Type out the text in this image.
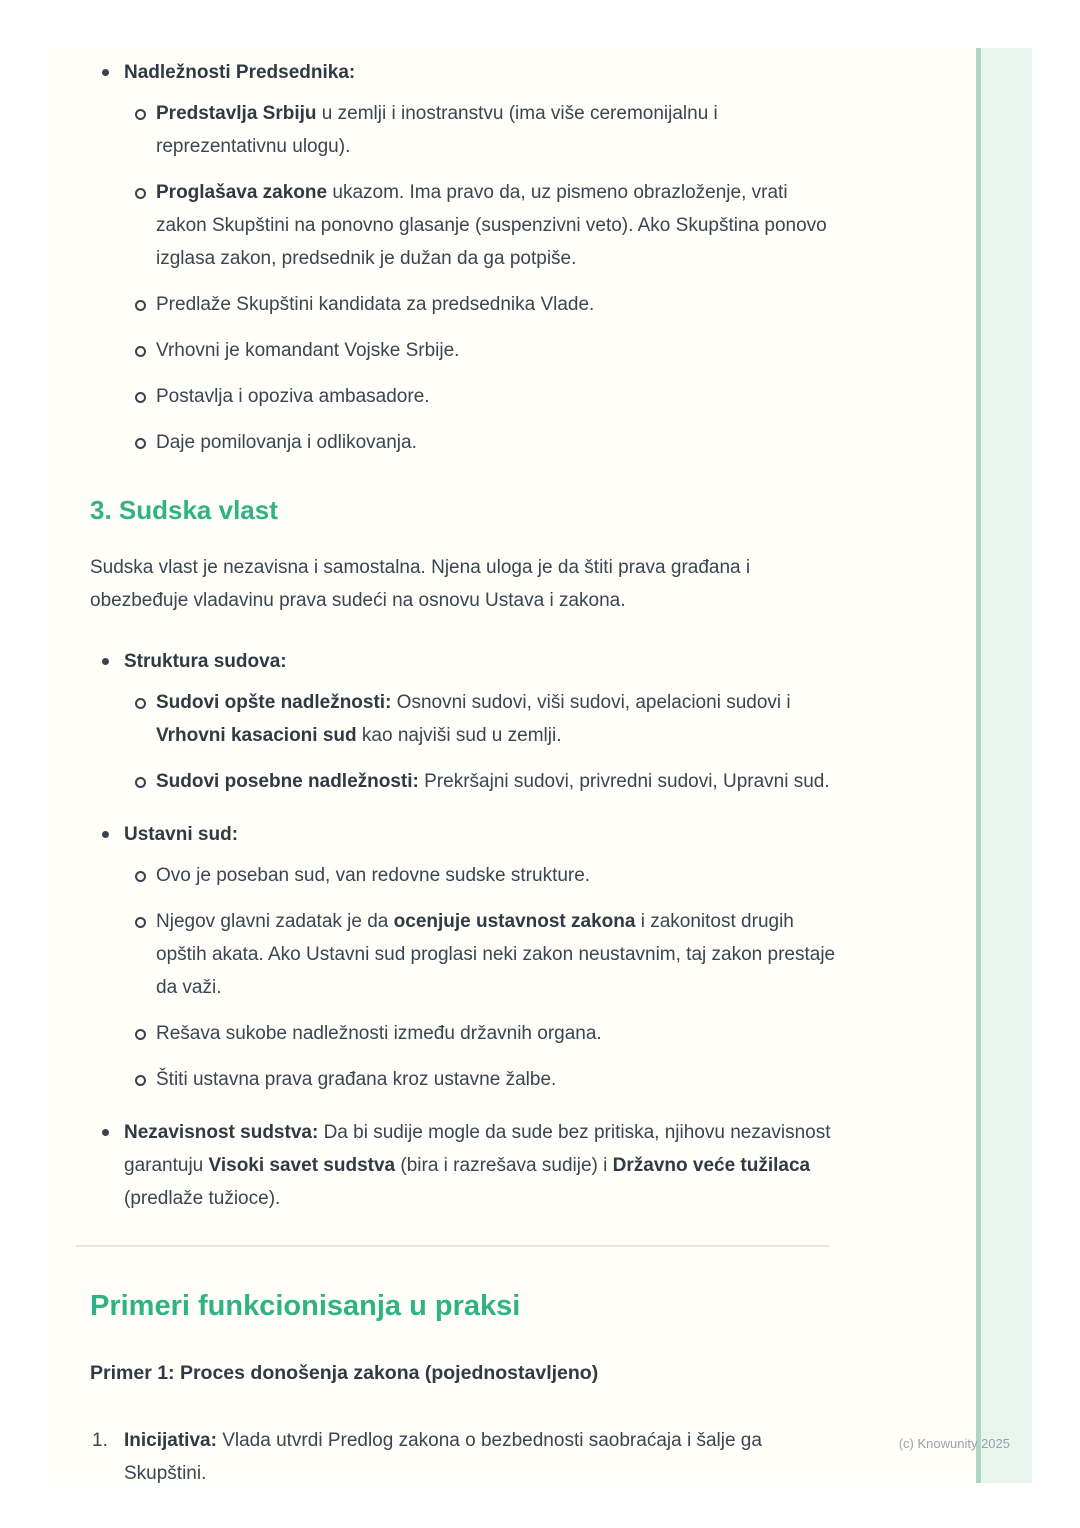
Nadležnosti Predsednika:
Predstavlja Srbiju u zemlji i inostranstvu (ima više ceremonijalnu i reprezentativnu ulogu).
Proglašava zakone ukazom. Ima pravo da, uz pismeno obrazloženje, vrati zakon Skupštini na ponovno glasanje (suspenzivni veto). Ako Skupština ponovo izglasa zakon, predsednik je dužan da ga potpiše.
Predlaže Skupštini kandidata za predsednika Vlade.
Vrhovni je komandant Vojske Srbije.
Postavlja i opoziva ambasadore.
Daje pomilovanja i odlikovanja.
3. Sudska vlast

Sudska vlast je nezavisna i samostalna. Njena uloga je da štiti prava građana i obezbeđuje vladavinu prava sudeći na osnovu Ustava i zakona.

Struktura sudova:
Sudovi opšte nadležnosti: Osnovni sudovi, viši sudovi, apelacioni sudovi i Vrhovni kasacioni sud kao najviši sud u zemlji.
Sudovi posebne nadležnosti: Prekršajni sudovi, privredni sudovi, Upravni sud.
Ustavni sud:
Ovo je poseban sud, van redovne sudske strukture.
Njegov glavni zadatak je da ocenjuje ustavnost zakona i zakonitost drugih opštih akata. Ako Ustavni sud proglasi neki zakon neustavnim, taj zakon prestaje da važi.
Rešava sukobe nadležnosti između državnih organa.
Štiti ustavna prava građana kroz ustavne žalbe.
Nezavisnost sudstva: Da bi sudije mogle da sude bez pritiska, njihovu nezavisnost garantuju Visoki savet sudstva (bira i razrešava sudije) i Državno veće tužilaca (predlaže tužioce).
Primeri funkcionisanja u praksi
Primer 1: Proces donošenja zakona (pojednostavljeno)
1. Inicijativa: Vlada utvrdi Predlog zakona o bezbednosti saobraćaja i šalje ga Skupštini.
(c) Knowunity 2025
